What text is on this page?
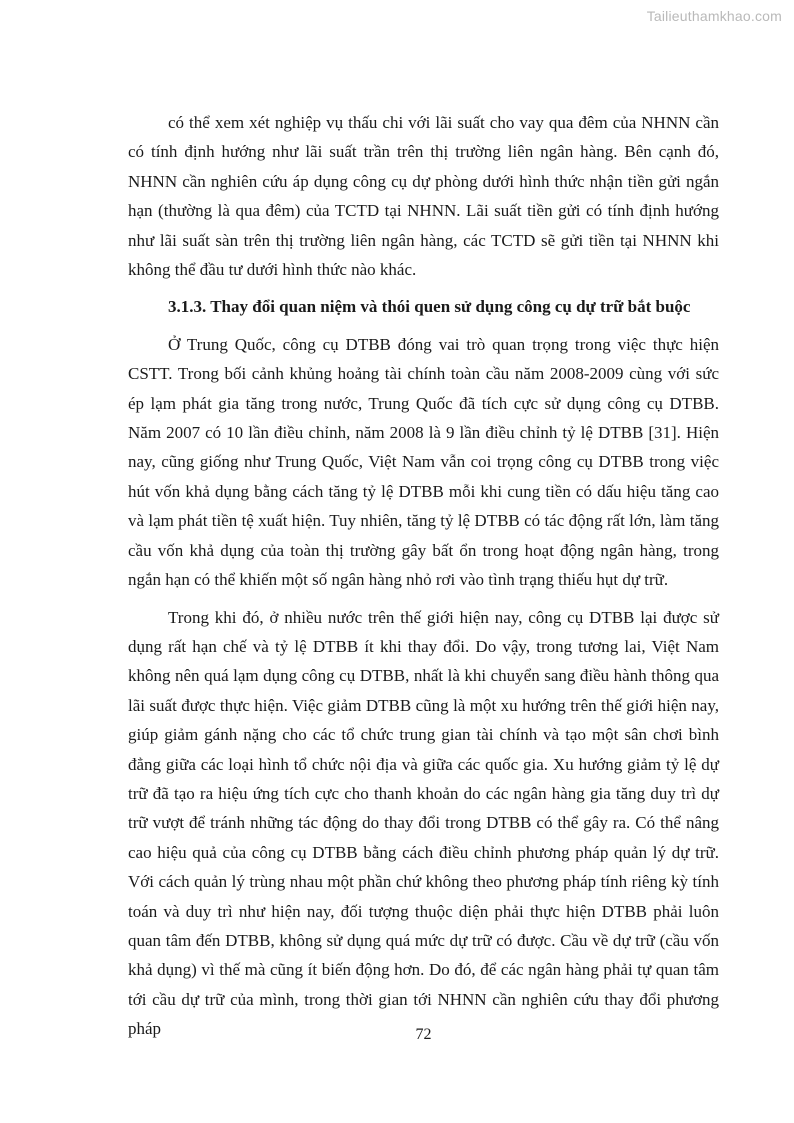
Tailieuthamkhao.com

có thể xem xét nghiệp vụ thấu chi với lãi suất cho vay qua đêm của NHNN cần có tính định hướng như lãi suất trần trên thị trường liên ngân hàng. Bên cạnh đó, NHNN cần nghiên cứu áp dụng công cụ dự phòng dưới hình thức nhận tiền gửi ngắn hạn (thường là qua đêm) của TCTD tại NHNN. Lãi suất tiền gửi có tính định hướng như lãi suất sàn trên thị trường liên ngân hàng, các TCTD sẽ gửi tiền tại NHNN khi không thể đầu tư dưới hình thức nào khác.

3.1.3. Thay đổi quan niệm và thói quen sử dụng công cụ dự trữ bắt buộc

Ở Trung Quốc, công cụ DTBB đóng vai trò quan trọng trong việc thực hiện CSTT. Trong bối cảnh khủng hoảng tài chính toàn cầu năm 2008-2009 cùng với sức ép lạm phát gia tăng trong nước, Trung Quốc đã tích cực sử dụng công cụ DTBB. Năm 2007 có 10 lần điều chỉnh, năm 2008 là 9 lần điều chỉnh tỷ lệ DTBB [31]. Hiện nay, cũng giống như Trung Quốc, Việt Nam vẫn coi trọng công cụ DTBB trong việc hút vốn khả dụng bằng cách tăng tỷ lệ DTBB mỗi khi cung tiền có dấu hiệu tăng cao và lạm phát tiền tệ xuất hiện. Tuy nhiên, tăng tỷ lệ DTBB có tác động rất lớn, làm tăng cầu vốn khả dụng của toàn thị trường gây bất ổn trong hoạt động ngân hàng, trong ngắn hạn có thể khiến một số ngân hàng nhỏ rơi vào tình trạng thiếu hụt dự trữ.

Trong khi đó, ở nhiều nước trên thế giới hiện nay, công cụ DTBB lại được sử dụng rất hạn chế và tỷ lệ DTBB ít khi thay đổi. Do vậy, trong tương lai, Việt Nam không nên quá lạm dụng công cụ DTBB, nhất là khi chuyển sang điều hành thông qua lãi suất được thực hiện. Việc giảm DTBB cũng là một xu hướng trên thế giới hiện nay, giúp giảm gánh nặng cho các tổ chức trung gian tài chính và tạo một sân chơi bình đẳng giữa các loại hình tổ chức nội địa và giữa các quốc gia. Xu hướng giảm tỷ lệ dự trữ đã tạo ra hiệu ứng tích cực cho thanh khoản do các ngân hàng gia tăng duy trì dự trữ vượt để tránh những tác động do thay đổi trong DTBB có thể gây ra. Có thể nâng cao hiệu quả của công cụ DTBB bằng cách điều chỉnh phương pháp quản lý dự trữ. Với cách quản lý trùng nhau một phần chứ không theo phương pháp tính riêng kỳ tính toán và duy trì như hiện nay, đối tượng thuộc diện phải thực hiện DTBB phải luôn quan tâm đến DTBB, không sử dụng quá mức dự trữ có được. Cầu về dự trữ (cầu vốn khả dụng) vì thế mà cũng ít biến động hơn. Do đó, để các ngân hàng phải tự quan tâm tới cầu dự trữ của mình, trong thời gian tới NHNN cần nghiên cứu thay đổi phương pháp	72
